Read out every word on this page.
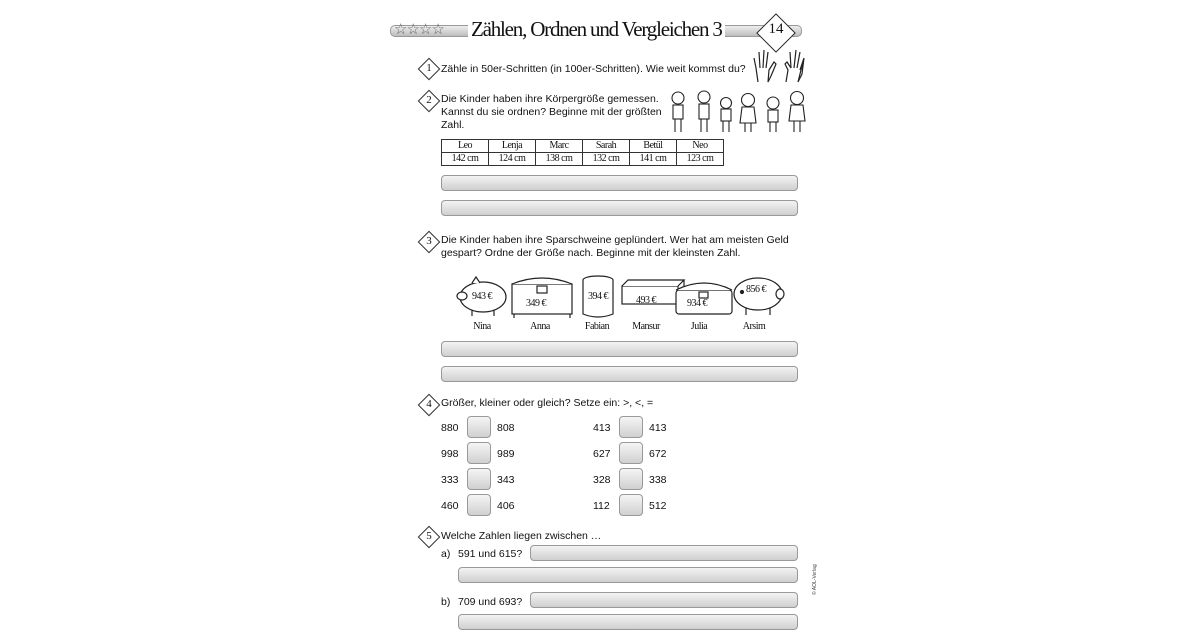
☆☆☆☆ Zählen, Ordnen und Vergleichen 3	14
1 Zähle in 50er-Schritten (in 100er-Schritten). Wie weit kommst du?
2 Die Kinder haben ihre Körpergröße gemessen.
Kannst du sie ordnen? Beginne mit der größten
Zahl.
Leo	Lenja	Marc	Sarah	Betül	Neo
142 cm	124 cm	138 cm	132 cm	141 cm	123 cm
3 Die Kinder haben ihre Sparschweine geplündert. Wer hat am meisten Geld
gespart? Ordne der Größe nach. Beginne mit der kleinsten Zahl.
943 €
349 €
394 €	493 €	934 €
856 €
Nina	Anna	Fabian	Mansur	Julia	Arsim
4 Größer, kleiner oder gleich? Setze ein: >, <, =
880	808
998	989
333	343
460	406
413	413
627	672
328	338
112	512
5 Welche Zahlen liegen zwischen …
a) 591 und 615?
b) 709 und 693?
© AOL-Verlag
